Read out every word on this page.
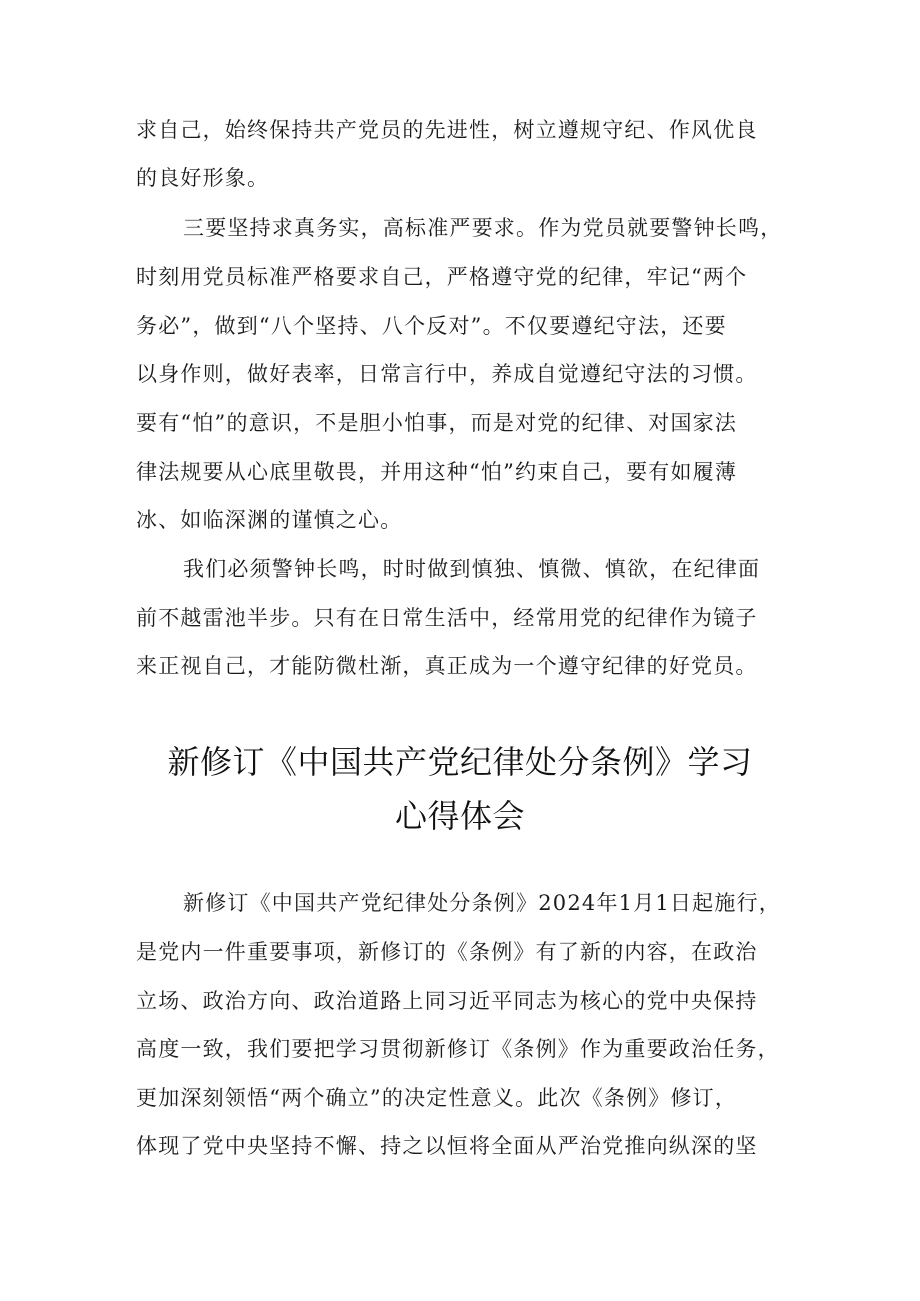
求自己，始终保持共产党员的先进性，树立遵规守纪、作风优良
的良好形象。
三要坚持求真务实，高标准严要求。作为党员就要警钟长鸣，
时刻用党员标准严格要求自己，严格遵守党的纪律，牢记“两个
务必”，做到“八个坚持、八个反对”。不仅要遵纪守法，还要
以身作则，做好表率，日常言行中，养成自觉遵纪守法的习惯。
要有“怕”的意识，不是胆小怕事，而是对党的纪律、对国家法
律法规要从心底里敬畏，并用这种“怕”约束自己，要有如履薄
冰、如临深渊的谨慎之心。
我们必须警钟长鸣，时时做到慎独、慎微、慎欲，在纪律面
前不越雷池半步。只有在日常生活中，经常用党的纪律作为镜子
来正视自己，才能防微杜渐，真正成为一个遵守纪律的好党员。
新修订《中国共产党纪律处分条例》学习
心得体会
新修订《中国共产党纪律处分条例》2024年1月1日起施行，
是党内一件重要事项，新修订的《条例》有了新的内容，在政治
立场、政治方向、政治道路上同习近平同志为核心的党中央保持
高度一致，我们要把学习贯彻新修订《条例》作为重要政治任务，
更加深刻领悟“两个确立”的决定性意义。此次《条例》修订，
体现了党中央坚持不懈、持之以恒将全面从严治党推向纵深的坚
